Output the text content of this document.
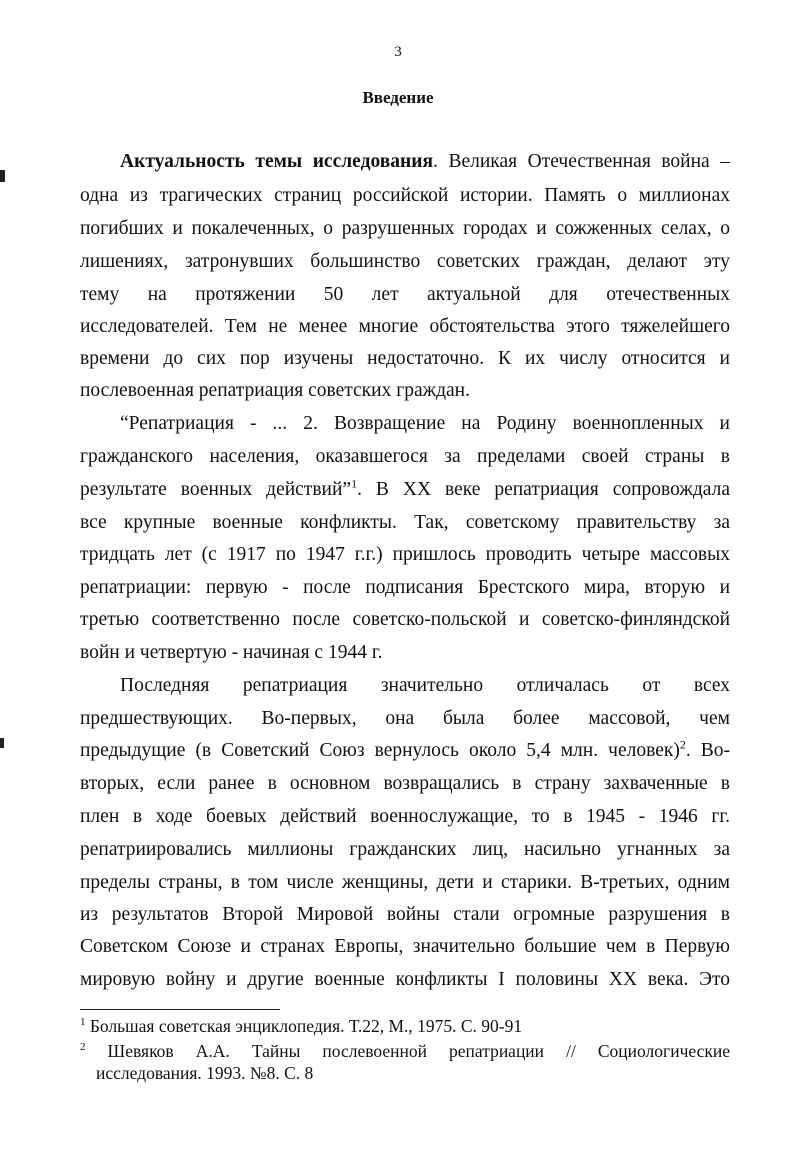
3
Введение
Актуальность темы исследования. Великая Отечественная война –
одна из трагических страниц российской истории. Память о миллионах
погибших и покалеченных, о разрушенных городах и сожженных селах, о
лишениях, затронувших большинство советских граждан, делают эту
тему на протяжении 50 лет актуальной для отечественных
исследователей. Тем не менее многие обстоятельства этого тяжелейшего
времени до сих пор изучены недостаточно. К их числу относится и
послевоенная репатриация советских граждан.
“Репатриация - ... 2. Возвращение на Родину военнопленных и
гражданского населения, оказавшегося за пределами своей страны в
результате военных действий”$^1$. В XX веке репатриация сопровождала
все крупные военные конфликты. Так, советскому правительству за
тридцать лет (с 1917 по 1947 г.г.) пришлось проводить четыре массовых
репатриации: первую - после подписания Брестского мира, вторую и
третью соответственно после советско-польской и советско-финляндской
войн и четвертую - начиная с 1944 г.
Последняя репатриация значительно отличалась от всех
предшествующих. Во-первых, она была более массовой, чем
предыдущие (в Советский Союз вернулось около 5,4 млн. человек)$^2$. Во-
вторых, если ранее в основном возвращались в страну захваченные в
плен в ходе боевых действий военнослужащие, то в 1945 - 1946 гг.
репатриировались миллионы гражданских лиц, насильно угнанных за
пределы страны, в том числе женщины, дети и старики. В-третьих, одним
из результатов Второй Мировой войны стали огромные разрушения в
Советском Союзе и странах Европы, значительно большие чем в Первую
мировую войну и другие военные конфликты I половины XX века. Это
$^1$ Большая советская энциклопедия. Т.22, М., 1975. С. 90-91
$^2$ Шевяков А.А. Тайны послевоенной репатриации // Социологические
исследования. 1993. №8. С. 8
